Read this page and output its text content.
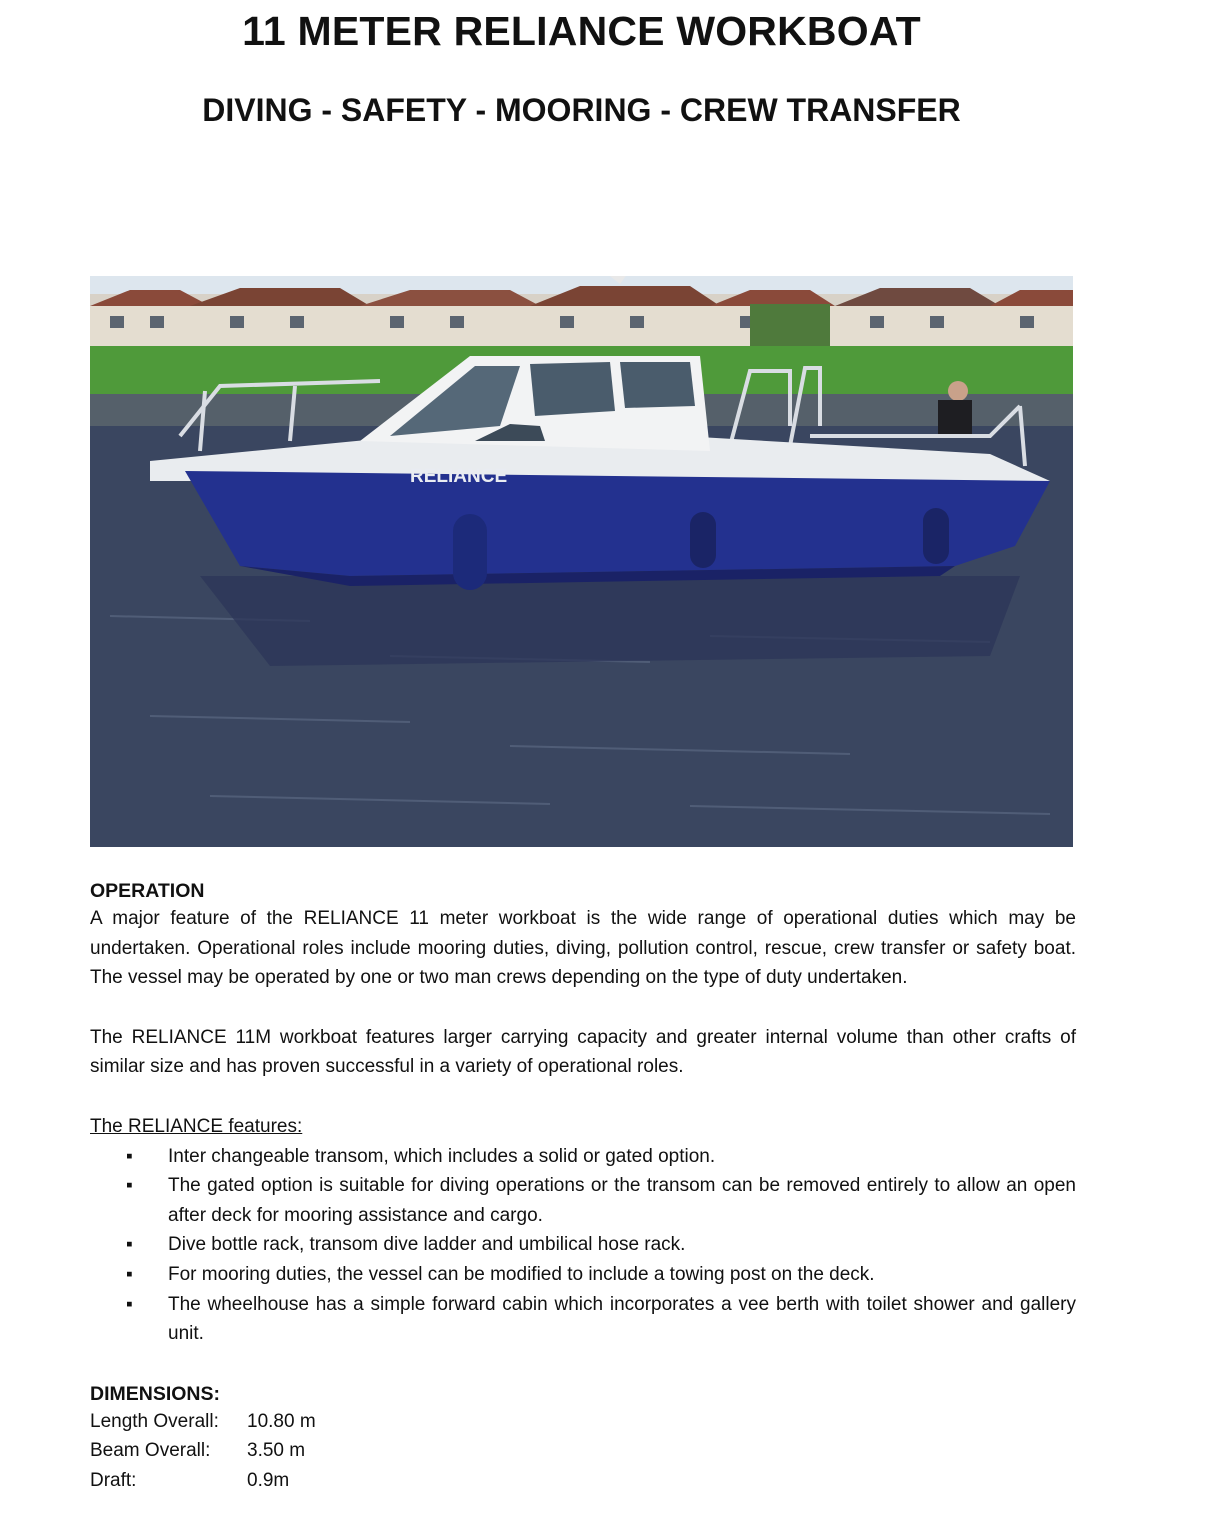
11 METER RELIANCE WORKBOAT
DIVING - SAFETY - MOORING - CREW TRANSFER
RELIANCE
OPERATION

A major feature of the RELIANCE 11 meter workboat is the wide range of operational duties which may be undertaken. Operational roles include mooring duties, diving, pollution control, rescue, crew transfer or safety boat. The vessel may be operated by one or two man crews depending on the type of duty undertaken.

The RELIANCE 11M workboat features larger carrying capacity and greater internal volume than other crafts of similar size and has proven successful in a variety of operational roles.

The RELIANCE features:

▪ Inter changeable transom, which includes a solid or gated option.
▪ The gated option is suitable for diving operations or the transom can be removed entirely to allow an open after deck for mooring assistance and cargo.
▪ Dive bottle rack, transom dive ladder and umbilical hose rack.
▪ For mooring duties, the vessel can be modified to include a towing post on the deck.
▪ The wheelhouse has a simple forward cabin which incorporates a vee berth with toilet shower and gallery unit.
DIMENSIONS:
Length Overall:	10.80 m
Beam Overall:	3.50 m
Draft:	0.9m
